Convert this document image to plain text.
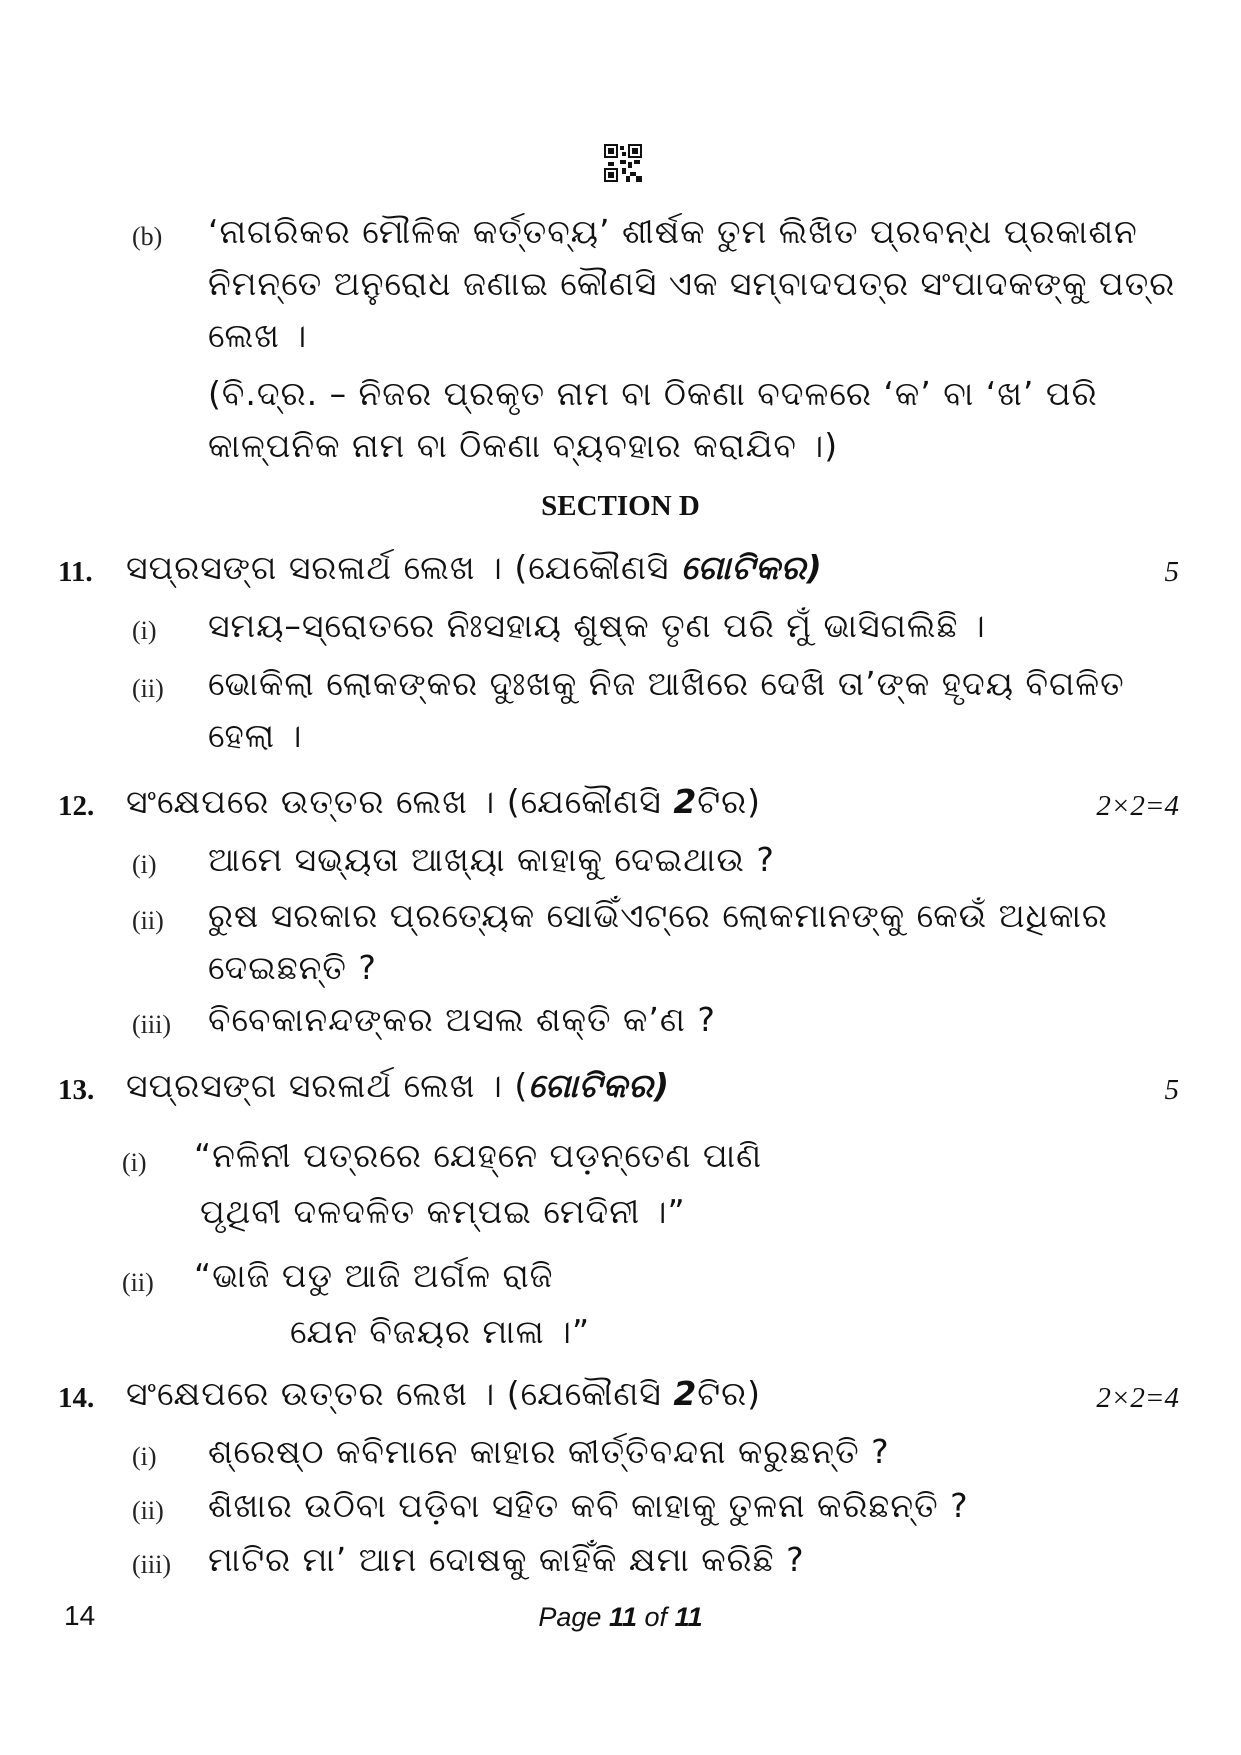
(b) ‘ନାଗରିକର ମୌଳିକ କର୍ତ୍ତବ୍ୟ’ ଶୀର୍ଷକ ତୁମ ଲିଖିତ ପ୍ରବନ୍ଧ ପ୍ରକାଶନ
ନିମନ୍ତେ ଅନୁରୋଧ ଜଣାଇ କୌଣସି ଏକ ସମ୍ବାଦପତ୍ର ସଂପାଦକଙ୍କୁ ପତ୍ର
ଲେଖ ।
(ବି.ଦ୍ର. – ନିଜର ପ୍ରକୃତ ନାମ ବା ଠିକଣା ବଦଳରେ ‘କ’ ବା ‘ଖ’ ପରି
କାଳ୍ପନିକ ନାମ ବା ଠିକଣା ବ୍ୟବହାର କରାଯିବ ।)
SECTION D
11. ସପ୍ରସଙ୍ଗ ସରଳାର୍ଥ ଲେଖ । (ଯେକୌଣସି ଗୋଟିକର)	5
(i) ସମୟ–ସ୍ରୋତରେ ନିଃସହାୟ ଶୁଷ୍କ ତୃଣ ପରି ମୁଁ ଭାସିଗଲିଛି ।
(ii) ଭୋକିଲା ଲୋକଙ୍କର ଦୁଃଖକୁ ନିଜ ଆଖିରେ ଦେଖି ତା’ଙ୍କ ହୃଦୟ ବିଗଳିତ
ହେଲା ।
12. ସଂକ୍ଷେପରେ ଉତ୍ତର ଲେଖ । (ଯେକୌଣସି 2ଟିର)	2×2=4
(i) ଆମେ ସଭ୍ୟତା ଆଖ୍ୟା କାହାକୁ ଦେଇଥାଉ ?
(ii) ରୁଷ ସରକାର ପ୍ରତ୍ୟେକ ସୋଭିଁଏଟ୍‌ରେ ଲୋକମାନଙ୍କୁ କେଉଁ ଅଧିକାର
ଦେଇଛନ୍ତି ?
(iii) ବିବେକାନନ୍ଦଙ୍କର ଅସଲ ଶକ୍ତି କ’ଣ ?
13. ସପ୍ରସଙ୍ଗ ସରଳାର୍ଥ ଲେଖ । (ଗୋଟିକର)	5
(i) “ନଳିନୀ ପତ୍ରରେ ଯେହ୍ନେ ପଡ଼ନ୍ତେଣ ପାଣି
ପୃଥିବୀ ଦଳଦଳିତ କମ୍ପଇ ମେଦିନୀ ।”
(ii) “ଭାଜି ପଡୁ ଆଜି ଅର୍ଗଳ ରାଜି
ଯେନ ବିଜୟର ମାଳା ।”
14. ସଂକ୍ଷେପରେ ଉତ୍ତର ଲେଖ । (ଯେକୌଣସି 2ଟିର)	2×2=4
(i) ଶ୍ରେଷ୍ଠ କବିମାନେ କାହାର କୀର୍ତ୍ତିବନ୍ଦନା କରୁଛନ୍ତି ?
(ii) ଶିଖାର ଉଠିବା ପଡ଼ିବା ସହିତ କବି କାହାକୁ ତୁଳନା କରିଛନ୍ତି ?
(iii) ମାଟିର ମା’ ଆମ ଦୋଷକୁ କାହିଁକି କ୍ଷମା କରିଛି ?
14	Page 11 of 11
